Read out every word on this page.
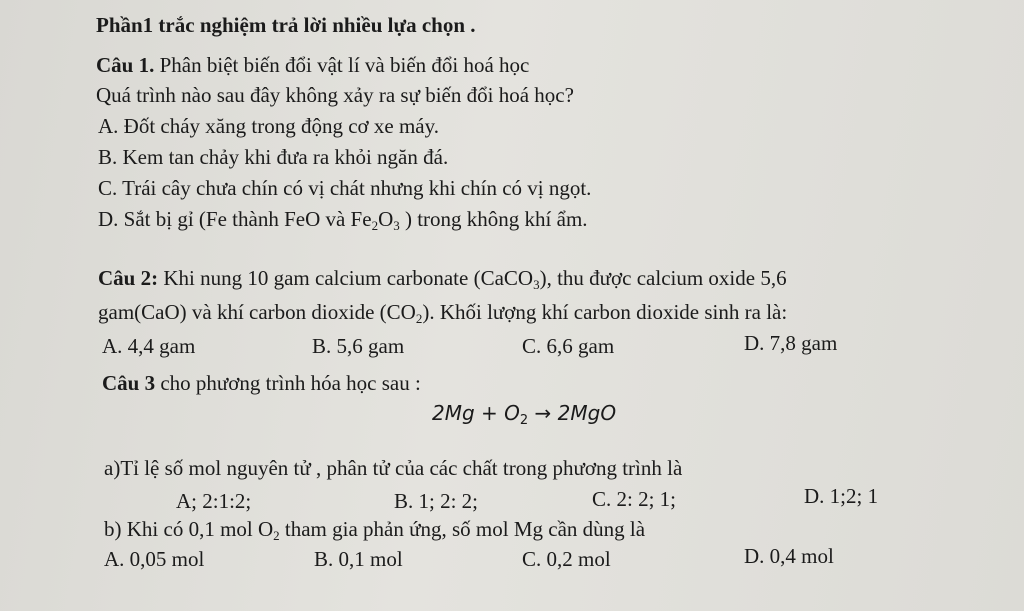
Phần1 trắc nghiệm trả lời nhiều lựa chọn .
Câu 1. Phân biệt biến đổi vật lí và biến đổi hoá học
Quá trình nào sau đây không xảy ra sự biến đổi hoá học?
A. Đốt cháy xăng trong động cơ xe máy.
B. Kem tan chảy khi đưa ra khỏi ngăn đá.
C. Trái cây chưa chín có vị chát nhưng khi chín có vị ngọt.
D. Sắt bị gỉ (Fe thành FeO và $Fe_2O_3$ ) trong không khí ẩm.
Câu 2: Khi nung 10 gam calcium carbonate (CaCO$_3$), thu được calcium oxide 5,6
gam(CaO) và khí carbon dioxide $(CO_2)$. Khối lượng khí carbon dioxide sinh ra là:
A. 4,4 gam	B. 5,6 gam	C. 6,6 gam	D. 7,8 gam
Câu 3 cho phương trình hóa học sau :
$2Mg + O_2 \to 2MgO$
a)Tỉ lệ số mol nguyên tử , phân tử của các chất trong phương trình là
A; 2:1:2;	B. 1; 2: 2;	C. 2: 2; 1;	D. 1;2; 1
b) Khi có 0,1 mol $O_2$ tham gia phản ứng, số mol Mg cần dùng là
A. 0,05 mol	B. 0,1 mol	C. 0,2 mol	D. 0,4 mol
